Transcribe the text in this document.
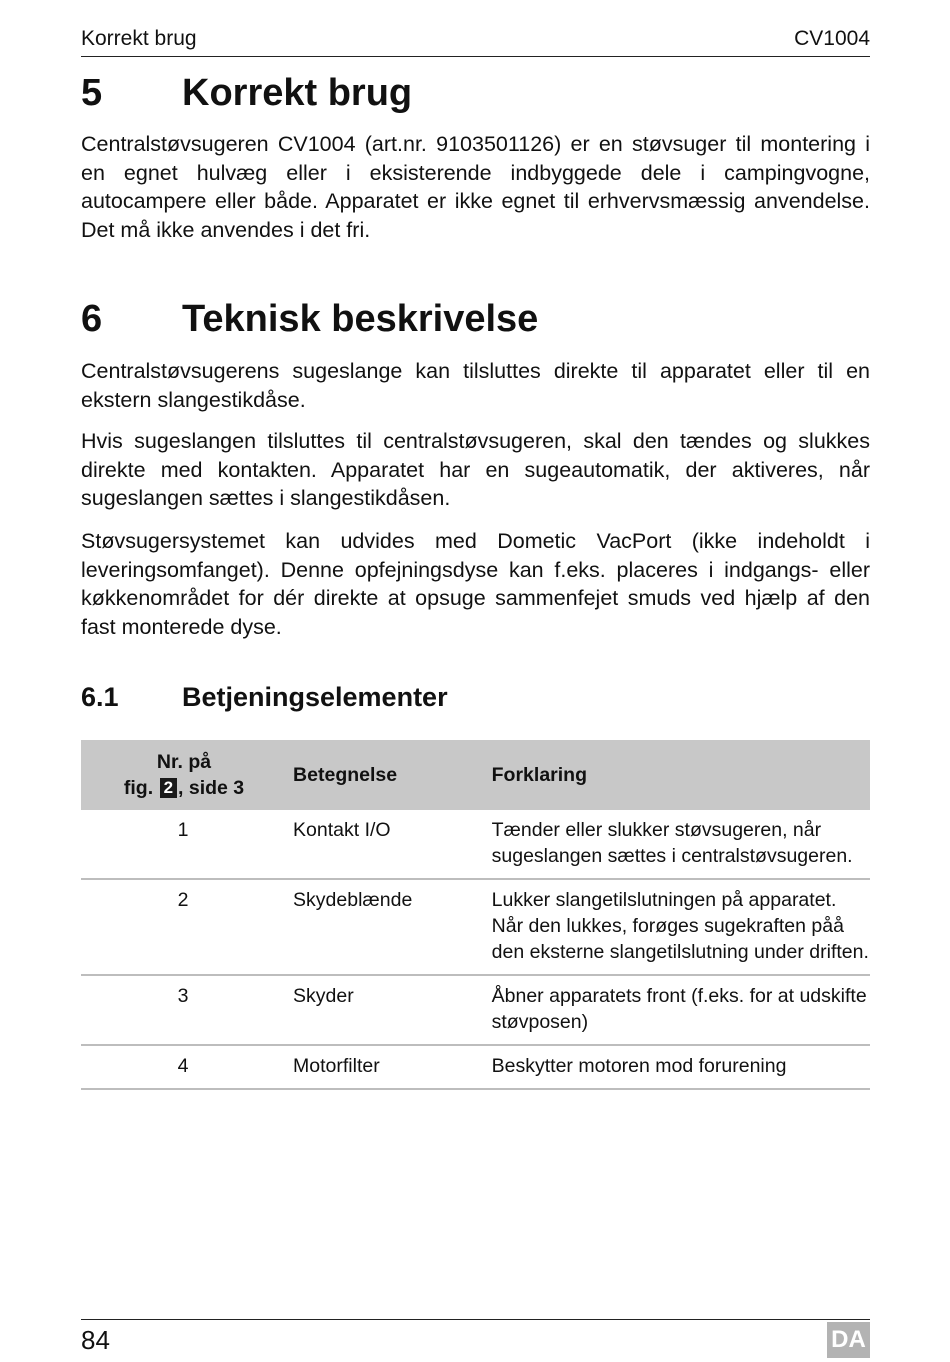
Korrekt brug	CV1004
5 Korrekt brug

Centralstøvsugeren CV1004 (art.nr. 9103501126) er en støvsuger til montering i en egnet hulvæg eller i eksisterende indbyggede dele i campingvogne, autocampere eller både. Apparatet er ikke egnet til erhvervsmæssig anvendelse. Det må ikke anvendes i det fri.

6 Teknisk beskrivelse

Centralstøvsugerens sugeslange kan tilsluttes direkte til apparatet eller til en ekstern slangestikdåse.

Hvis sugeslangen tilsluttes til centralstøvsugeren, skal den tændes og slukkes direkte med kontakten. Apparatet har en sugeautomatik, der aktiveres, når sugeslangen sættes i slangestikdåsen.

Støvsugersystemet kan udvides med Dometic VacPort (ikke indeholdt i leveringsomfanget). Denne opfejningsdyse kan f.eks. placeres i indgangs- eller køkkenområdet for dér direkte at opsuge sammenfejet smuds ved hjælp af den fast monterede dyse.

6.1 Betjeningselementer
Nr. på
fig. 2 , side 3	Betegnelse	Forklaring
1	Kontakt I/O	Tænder eller slukker støvsugeren, når sugeslangen sættes i centralstøvsugeren.
2	Skydeblænde	Lukker slangetilslutningen på apparatet. Når den lukkes, forøges sugekraften påå den eksterne slangetilslutning under driften.
3	Skyder	Åbner apparatets front (f.eks. for at udskifte støvposen)
4	Motorfilter	Beskytter motoren mod forurening
84	DA
